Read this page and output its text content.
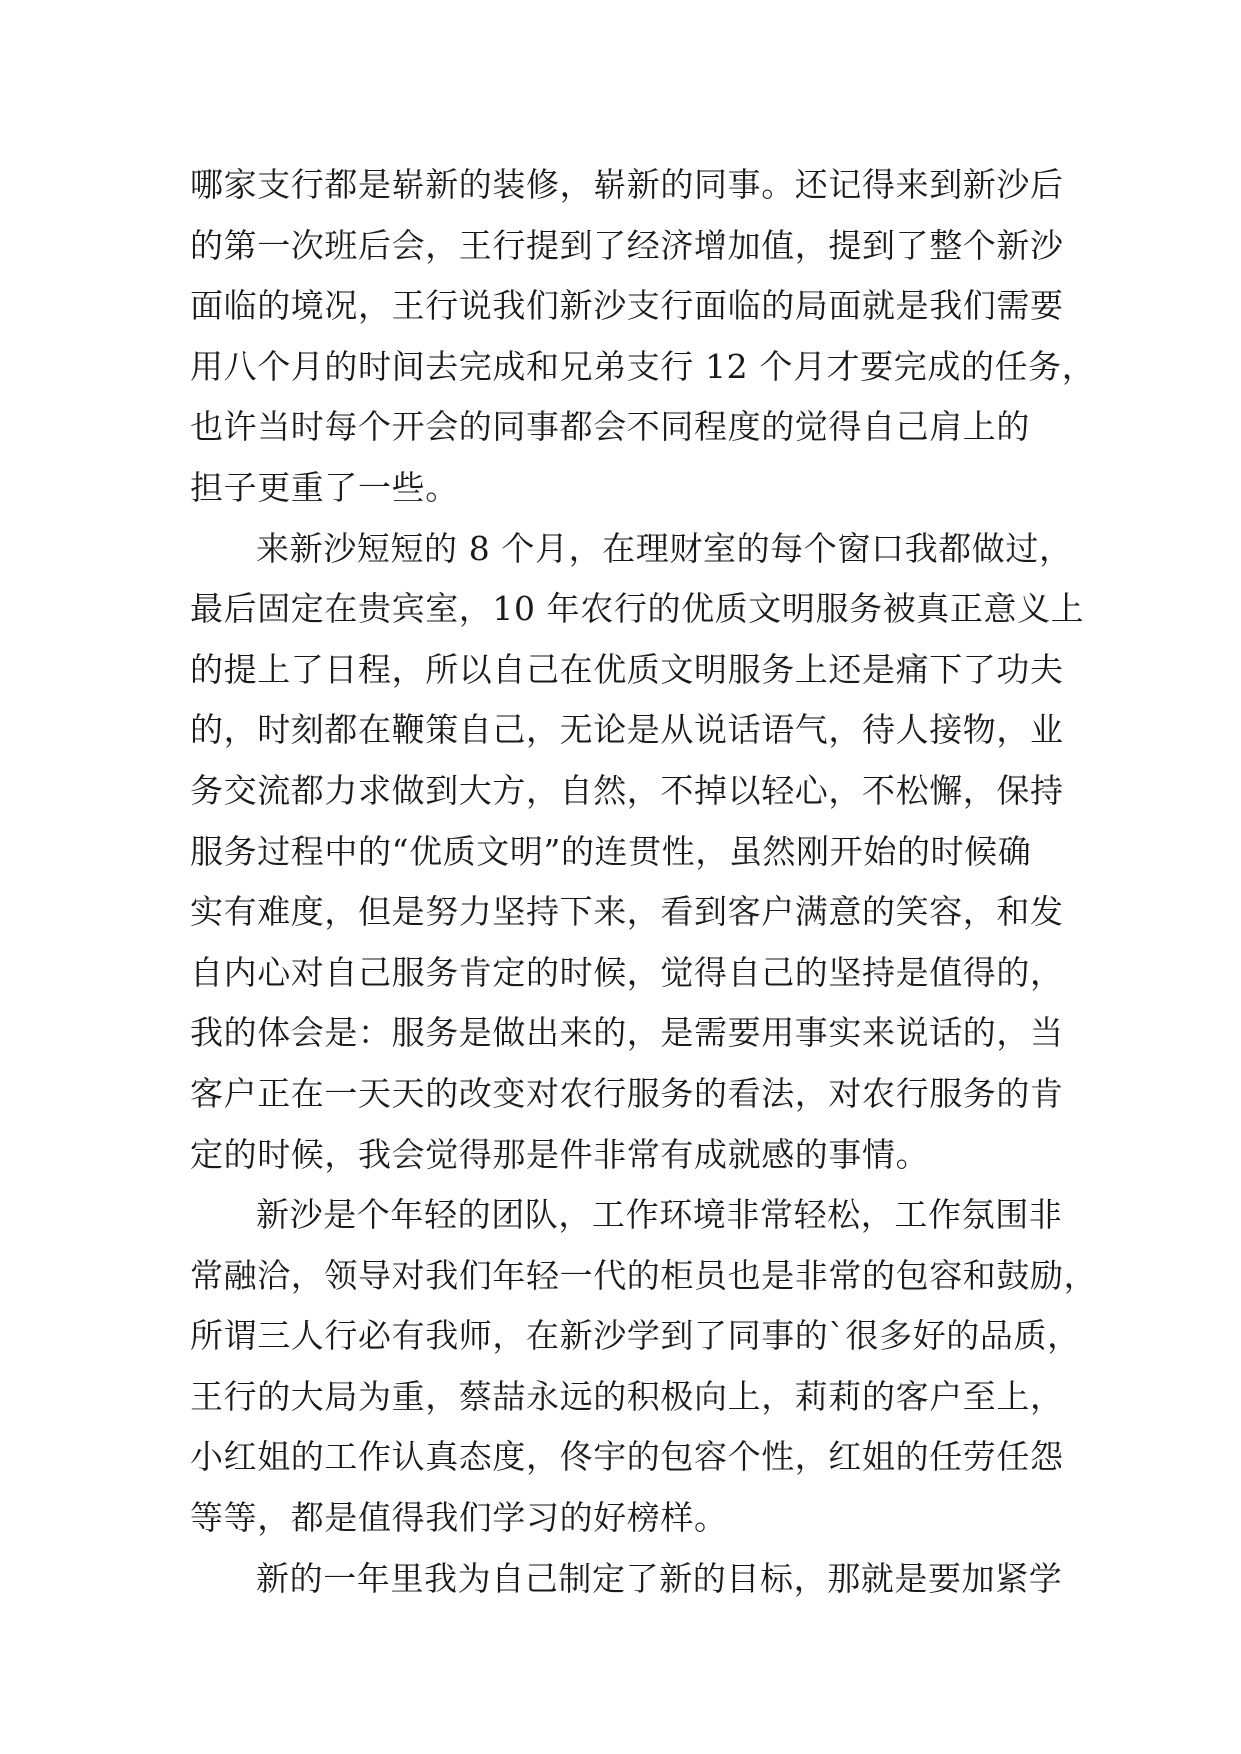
哪家支行都是崭新的装修，崭新的同事。还记得来到新沙后
的第一次班后会，王行提到了经济增加值，提到了整个新沙
面临的境况，王行说我们新沙支行面临的局面就是我们需要
用八个月的时间去完成和兄弟支行 12 个月才要完成的任务，
也许当时每个开会的同事都会不同程度的觉得自己肩上的
担子更重了一些。
来新沙短短的 8 个月，在理财室的每个窗口我都做过，
最后固定在贵宾室，10 年农行的优质文明服务被真正意义上
的提上了日程，所以自己在优质文明服务上还是痛下了功夫
的，时刻都在鞭策自己，无论是从说话语气，待人接物，业
务交流都力求做到大方，自然，不掉以轻心，不松懈，保持
服务过程中的“优质文明”的连贯性，虽然刚开始的时候确
实有难度，但是努力坚持下来，看到客户满意的笑容，和发
自内心对自己服务肯定的时候，觉得自己的坚持是值得的，
我的体会是：服务是做出来的，是需要用事实来说话的，当
客户正在一天天的改变对农行服务的看法，对农行服务的肯
定的时候，我会觉得那是件非常有成就感的事情。
新沙是个年轻的团队，工作环境非常轻松，工作氛围非
常融洽，领导对我们年轻一代的柜员也是非常的包容和鼓励，
所谓三人行必有我师，在新沙学到了同事的`很多好的品质，
王行的大局为重，蔡喆永远的积极向上，莉莉的客户至上，
小红姐的工作认真态度，佟宇的包容个性，红姐的任劳任怨
等等，都是值得我们学习的好榜样。
新的一年里我为自己制定了新的目标，那就是要加紧学
